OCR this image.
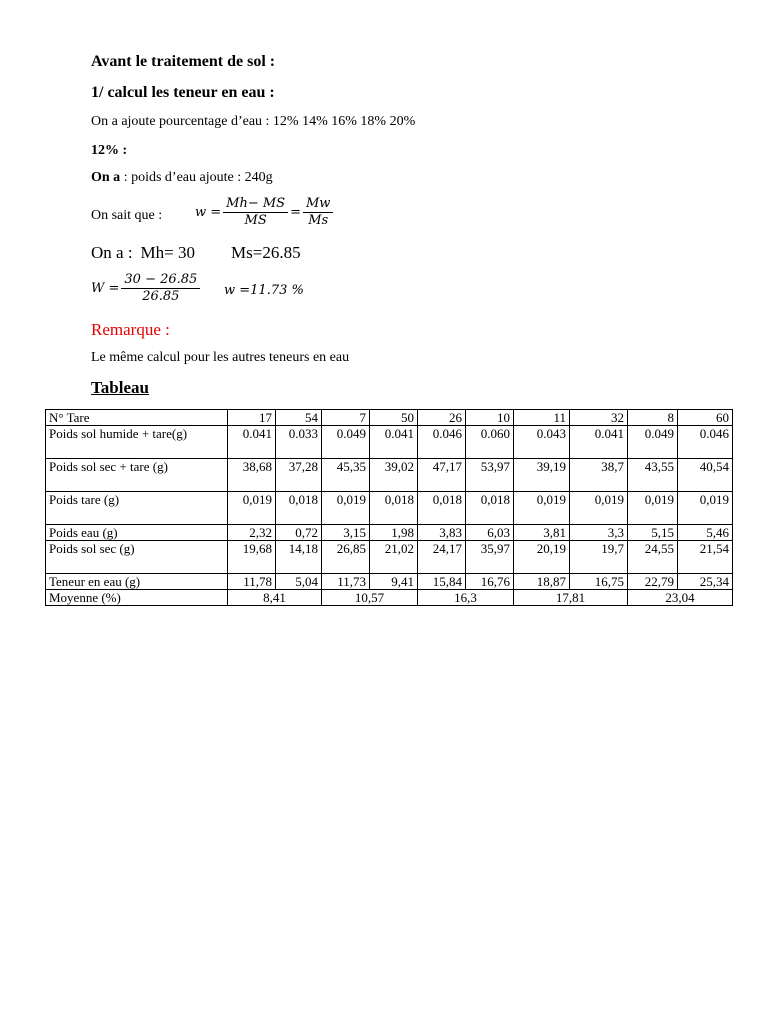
Avant le traitement de sol :
1/ calcul les teneur en eau :
On a ajoute pourcentage d’eau : 12% 14% 16% 18% 20%
12% :
On a : poids d’eau ajoute : 240g
On sait que :	$w = \frac{Mh- MS}{MS} = \frac{Mw}{Ms}$
On a : Mh= 30 Ms=26.85
$W = \frac{30 - 26.85}{26.85}$ w =11.73 %
Remarque :
Le même calcul pour les autres teneurs en eau
Tableau
N° Tare	17	54	7	50	26	10	11	32	8	60
Poids sol humide + tare(g)	0.041	0.033	0.049	0.041	0.046	0.060	0.043	0.041	0.049	0.046
Poids sol sec + tare (g)	38,68	37,28	45,35	39,02	47,17	53,97	39,19	38,7	43,55	40,54
Poids tare (g)	0,019	0,018	0,019	0,018	0,018	0,018	0,019	0,019	0,019	0,019
Poids eau (g)	2,32	0,72	3,15	1,98	3,83	6,03	3,81	3,3	5,15	5,46
Poids sol sec (g)	19,68	14,18	26,85	21,02	24,17	35,97	20,19	19,7	24,55	21,54
Teneur en eau (g)	11,78	5,04	11,73	9,41	15,84	16,76	18,87	16,75	22,79	25,34
Moyenne (%)	8,41		10,57		16,3		17,81		23,04	
